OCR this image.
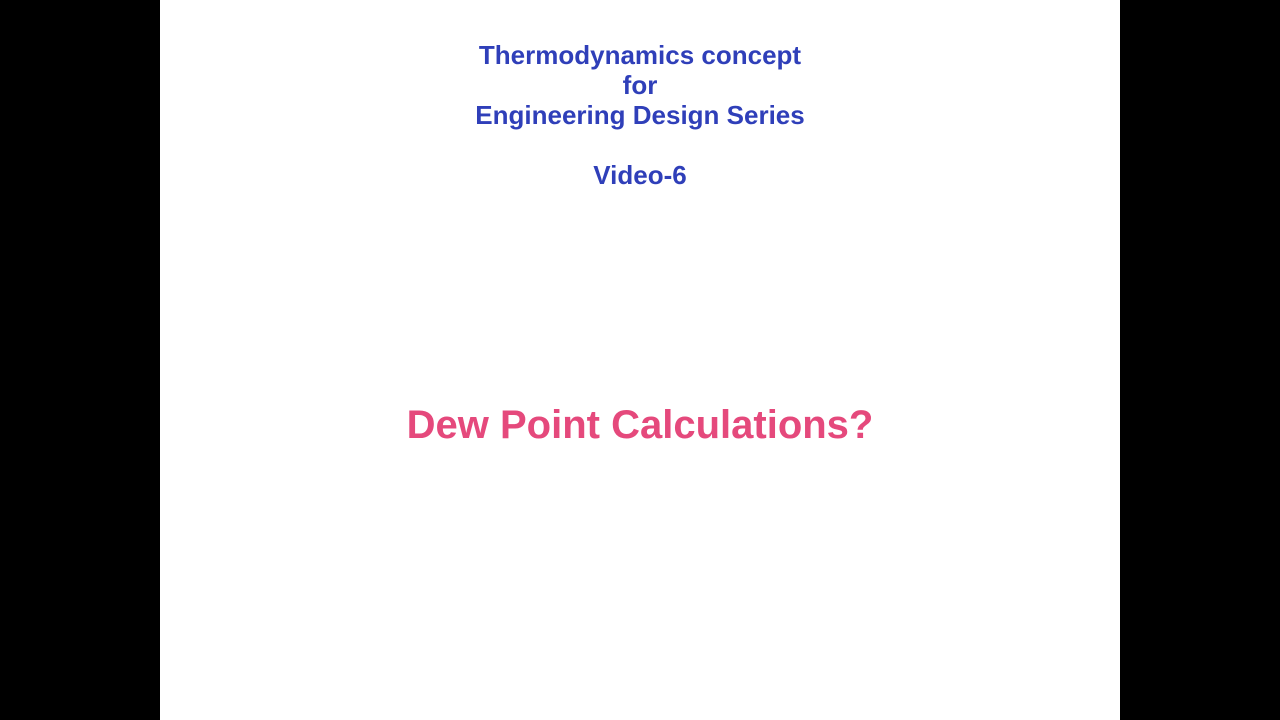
Thermodynamics concept
for
Engineering Design Series
Video-6
Dew Point Calculations?
